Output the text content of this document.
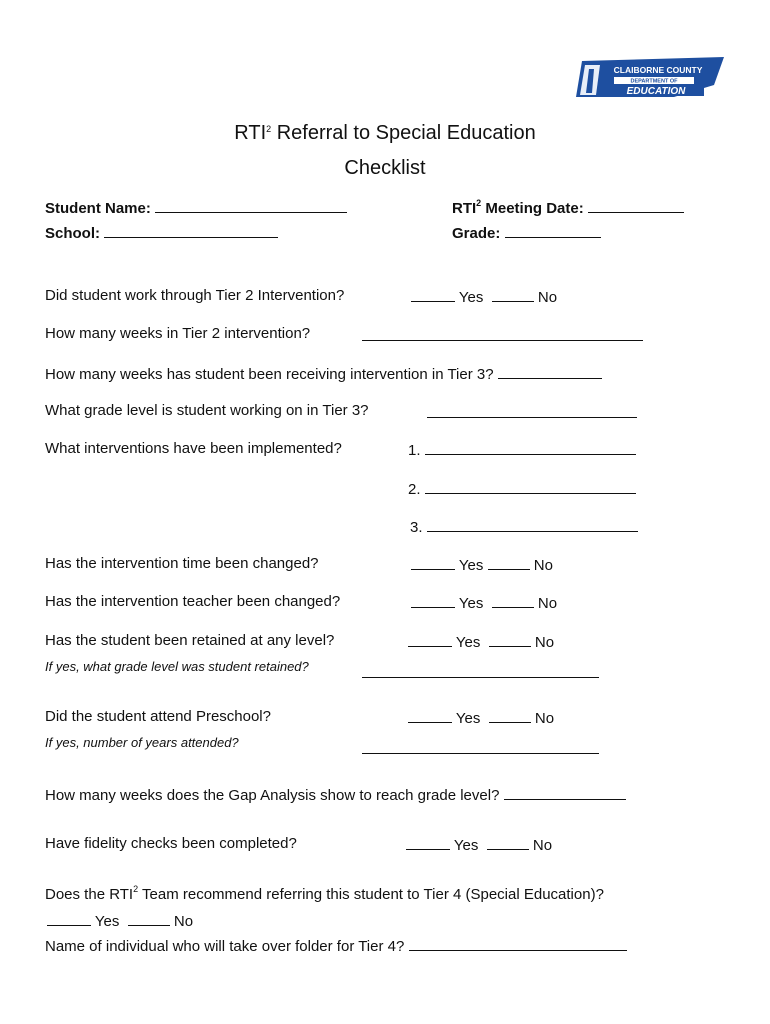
CLAIBORNE COUNTY
DEPARTMENT OF
EDUCATION
RTI$^2$ Referral to Special Education
Checklist
Student Name:
School:
RTI$^2$ Meeting Date:
Grade:
Did student work through Tier 2 Intervention?	Yes	No
How many weeks in Tier 2 intervention?
How many weeks has student been receiving intervention in Tier 3?
What grade level is student working on in Tier 3?
What interventions have been implemented?	1.
2.
3.
Has the intervention time been changed?	Yes	No
Has the intervention teacher been changed?	Yes	No
Has the student been retained at any level?	Yes	No
If yes, what grade level was student retained?
Did the student attend Preschool?	Yes	No
If yes, number of years attended?
How many weeks does the Gap Analysis show to reach grade level?
Have fidelity checks been completed?	Yes	No
Does the RTI$^2$ Team recommend referring this student to Tier 4 (Special Education)?
Yes	No
Name of individual who will take over folder for Tier 4?
